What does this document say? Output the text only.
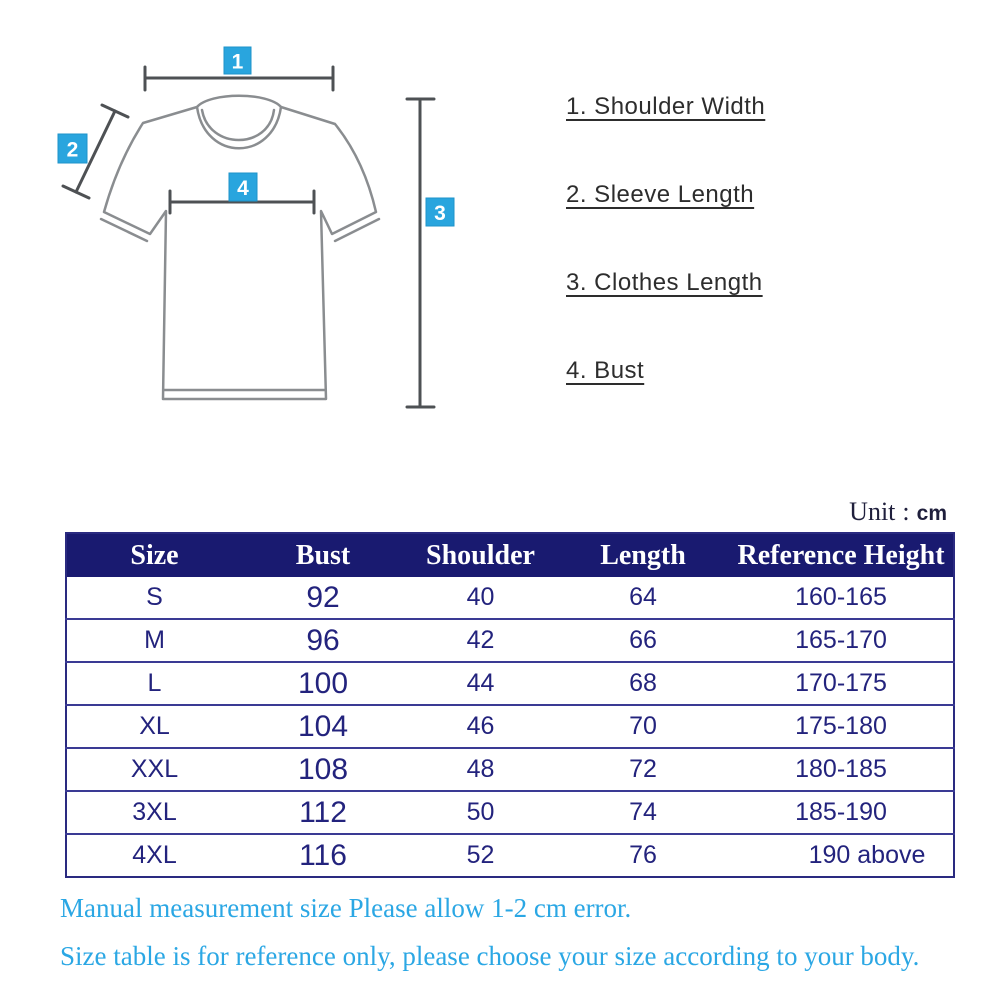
1
2
3
4
1. Shoulder Width
2. Sleeve Length
3. Clothes Length
4. Bust
Unit : cm
Size	Bust	Shoulder	Length	Reference Height
S	92	40	64	160-165
M	96	42	66	165-170
L	100	44	68	170-175
XL	104	46	70	175-180
XXL	108	48	72	180-185
3XL	112	50	74	185-190
4XL	116	52	76	190 above

Manual measurement size Please allow 1-2 cm error.

Size table is for reference only, please choose your size according to your body.
